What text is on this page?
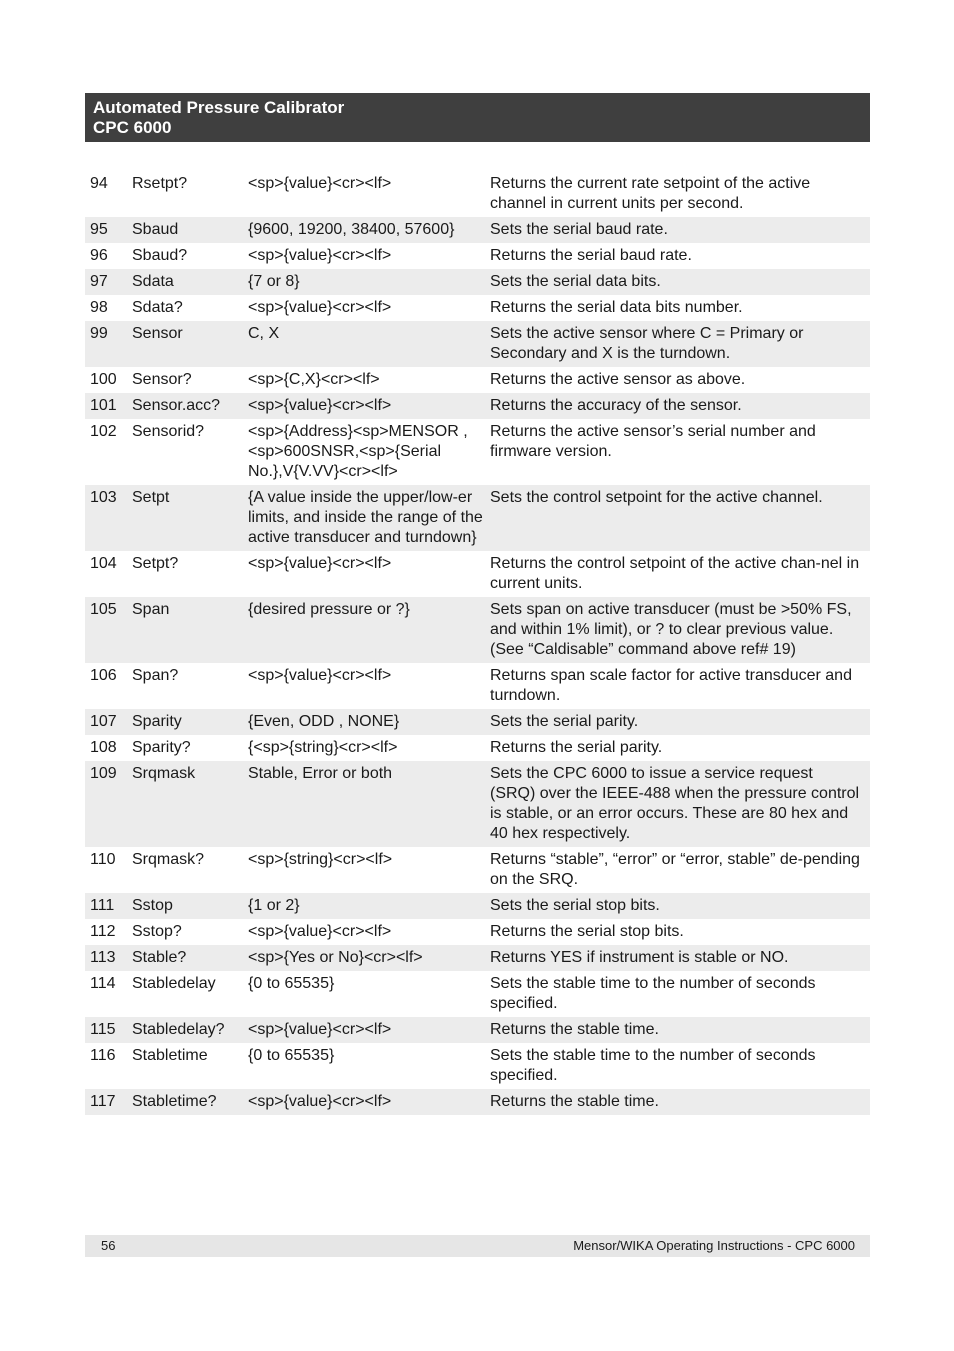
Automated Pressure Calibrator
CPC 6000
94	Rsetpt?	<sp>{value}<cr><lf>	Returns the current rate setpoint of the active channel in current units per second.
95	Sbaud	{9600, 19200, 38400, 57600}	Sets the serial baud rate.
96	Sbaud?	<sp>{value}<cr><lf>	Returns the serial baud rate.
97	Sdata	{7 or 8}	Sets the serial data bits.
98	Sdata?	<sp>{value}<cr><lf>	Returns the serial data bits number.
99	Sensor	C, X	Sets the active sensor where C = Primary or Secondary and X is the turndown.
100	Sensor?	<sp>{C,X}<cr><lf>	Returns the active sensor as above.
101	Sensor.acc?	<sp>{value}<cr><lf>	Returns the accuracy of the sensor.
102	Sensorid?	<sp>{Address}<sp>MENSOR ,<sp>600SNSR,<sp>{Serial No.},V{V.VV}<cr><lf>	Returns the active sensor’s serial number and firmware version.
103	Setpt	{A value inside the upper/low-er limits, and inside the range of the active transducer and turndown}	Sets the control setpoint for the active channel.
104	Setpt?	<sp>{value}<cr><lf>	Returns the control setpoint of the active chan-nel in current units.
105	Span	{desired pressure or ?}	Sets span on active transducer (must be >50% FS, and within 1% limit), or ? to clear previous value. (See “Caldisable” command above ref# 19)
106	Span?	<sp>{value}<cr><lf>	Returns span scale factor for active transducer and turndown.
107	Sparity	{Even, ODD , NONE}	Sets the serial parity.
108	Sparity?	{<sp>{string}<cr><lf>	Returns the serial parity.
109	Srqmask	Stable, Error or both	Sets the CPC 6000 to issue a service request (SRQ) over the IEEE-488 when the pressure control is stable, or an error occurs. These are 80 hex and 40 hex respectively.
110	Srqmask?	<sp>{string}<cr><lf>	Returns “stable”, “error” or “error, stable” de-pending on the SRQ.
111	Sstop	{1 or 2}	Sets the serial stop bits.
112	Sstop?	<sp>{value}<cr><lf>	Returns the serial stop bits.
113	Stable?	<sp>{Yes or No}<cr><lf>	Returns YES if instrument is stable or NO.
114	Stabledelay	{0 to 65535}	Sets the stable time to the number of seconds specified.
115	Stabledelay?	<sp>{value}<cr><lf>	Returns the stable time.
116	Stabletime	{0 to 65535}	Sets the stable time to the number of seconds specified.
117	Stabletime?	<sp>{value}<cr><lf>	Returns the stable time.
56	Mensor/WIKA Operating Instructions - CPC 6000
